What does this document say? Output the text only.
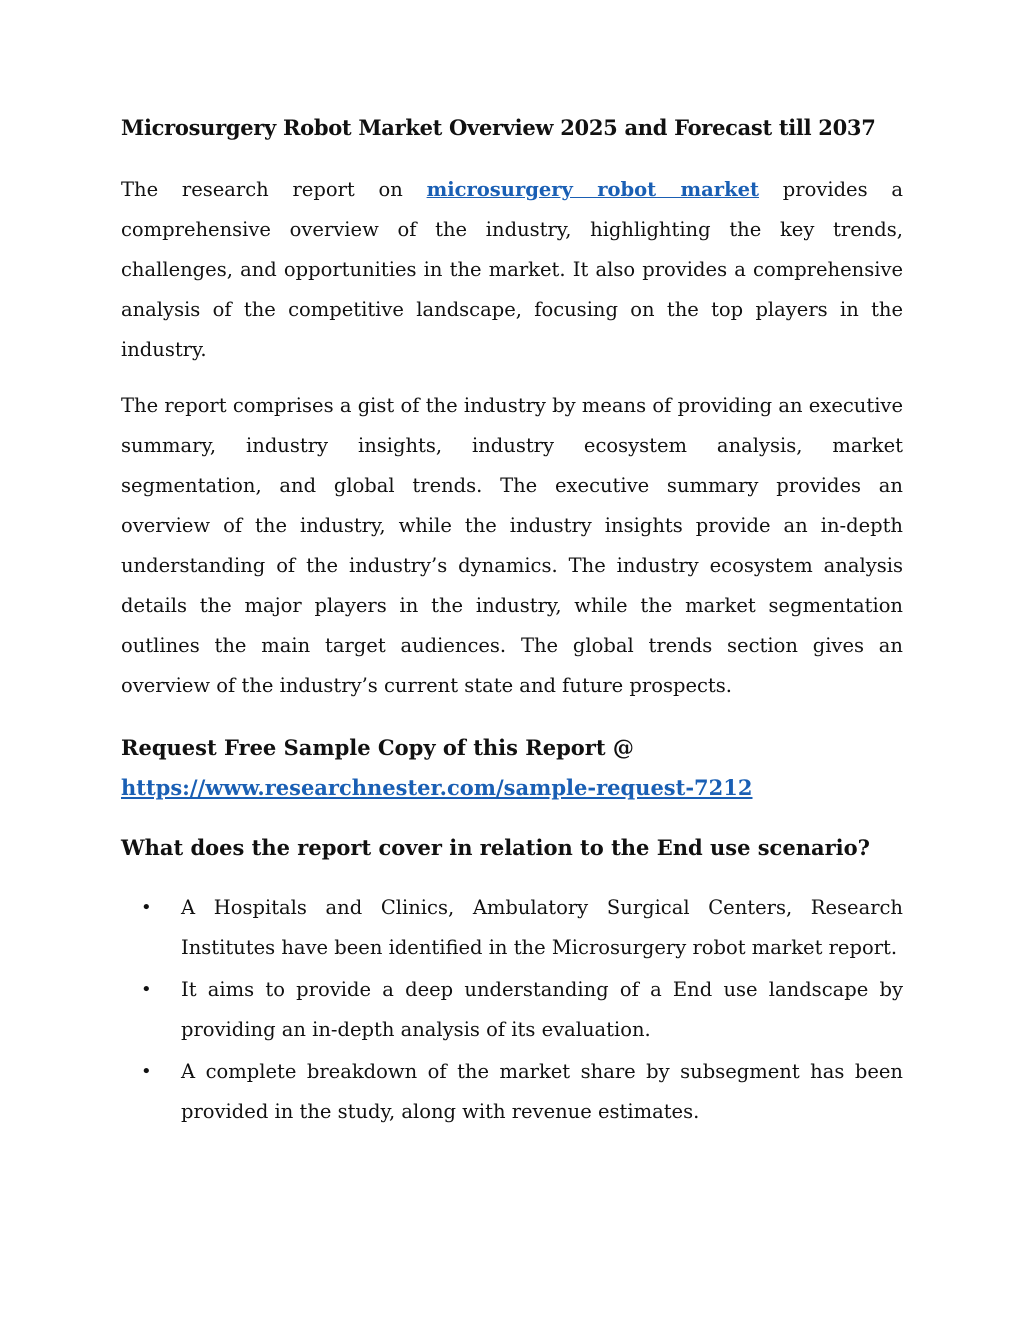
Microsurgery Robot Market Overview 2025 and Forecast till 2037

The research report on microsurgery robot market provides a comprehensive overview of the industry, highlighting the key trends, challenges, and opportunities in the market. It also provides a comprehensive analysis of the competitive landscape, focusing on the top players in the industry.

The report comprises a gist of the industry by means of providing an executive summary, industry insights, industry ecosystem analysis, market segmentation, and global trends. The executive summary provides an overview of the industry, while the industry insights provide an in-depth understanding of the industry’s dynamics. The industry ecosystem analysis details the major players in the industry, while the market segmentation outlines the main target audiences. The global trends section gives an overview of the industry’s current state and future prospects.

Request Free Sample Copy of this Report @
https://www.researchnester.com/sample-request-7212
What does the report cover in relation to the End use scenario?
• A Hospitals and Clinics, Ambulatory Surgical Centers, Research Institutes have been identified in the Microsurgery robot market report.
• It aims to provide a deep understanding of a End use landscape by providing an in-depth analysis of its evaluation.
• A complete breakdown of the market share by subsegment has been provided in the study, along with revenue estimates.
